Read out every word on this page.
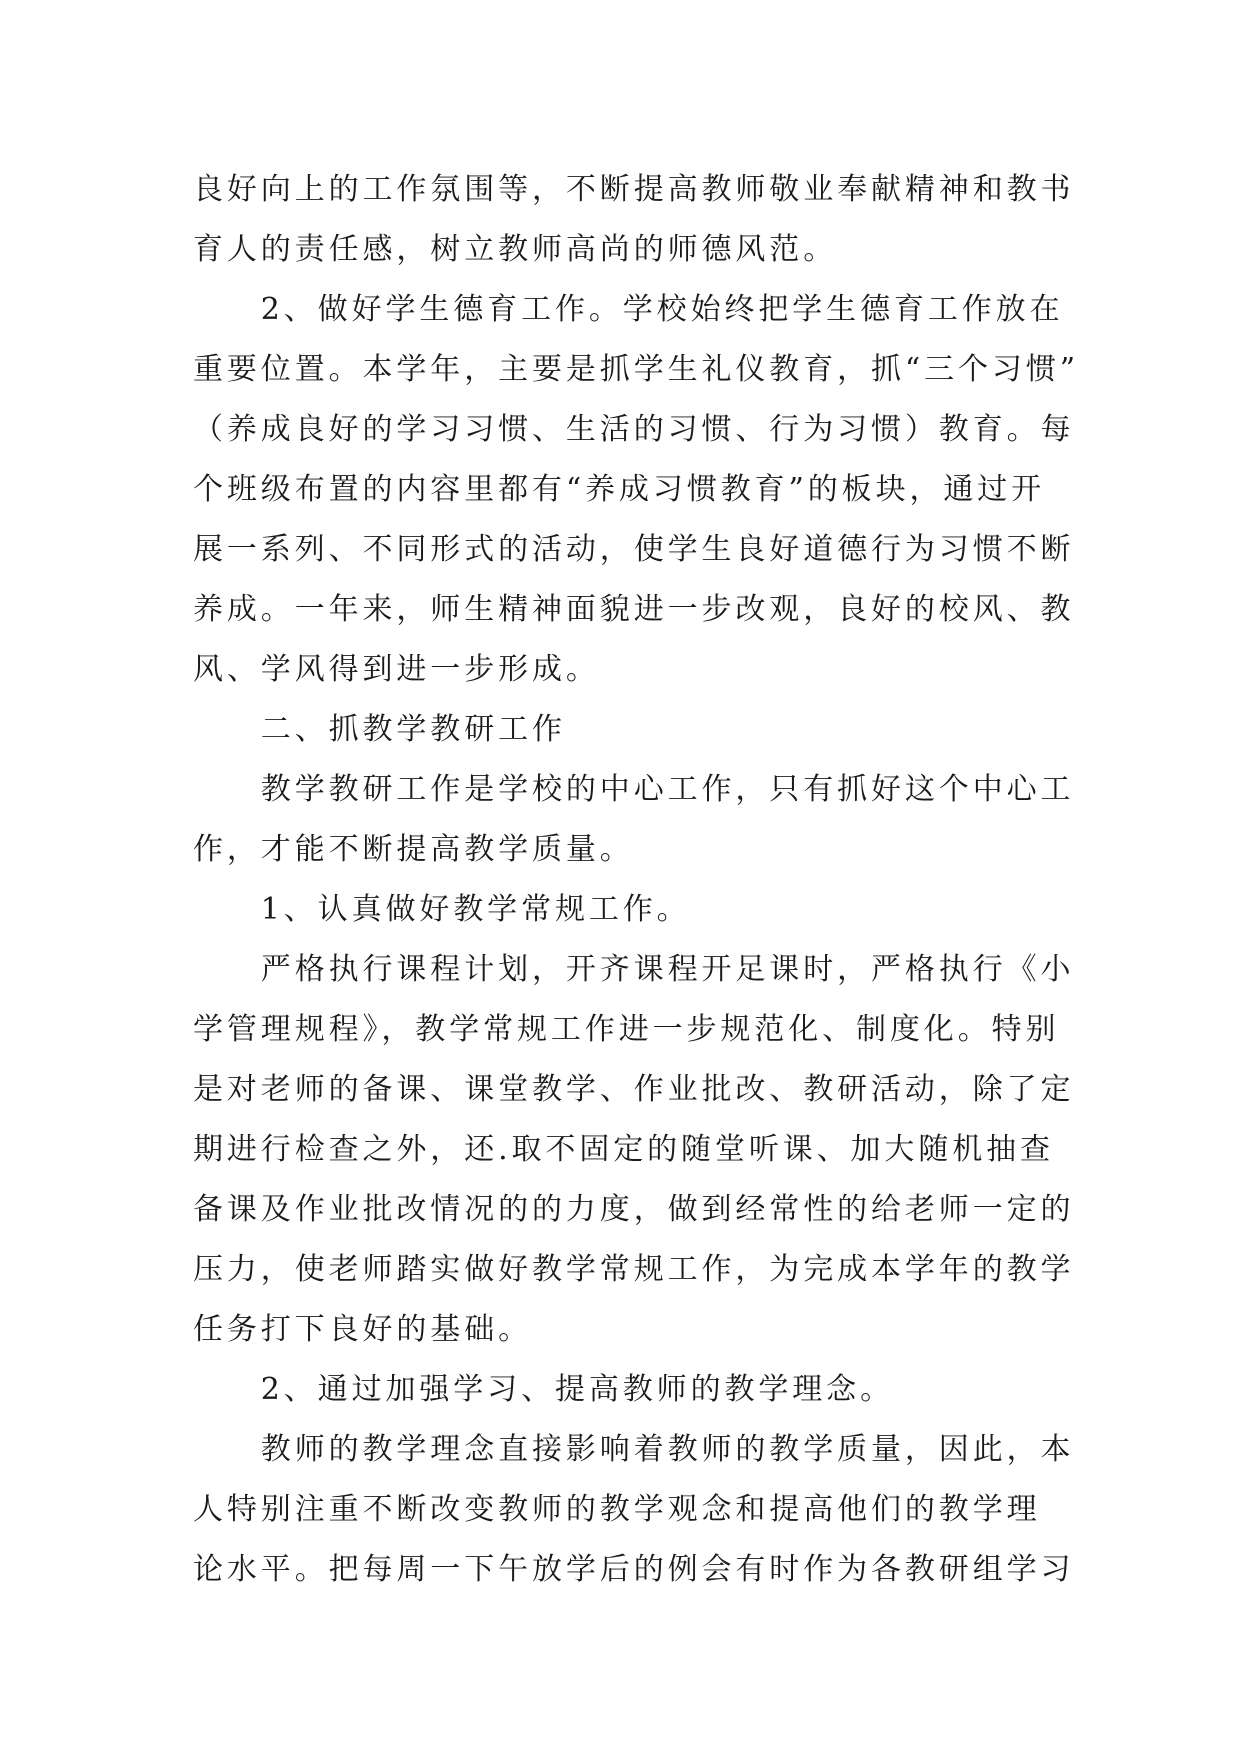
良好向上的工作氛围等，不断提高教师敬业奉献精神和教书
育人的责任感，树立教师高尚的师德风范。
　　2、做好学生德育工作。学校始终把学生德育工作放在
重要位置。本学年，主要是抓学生礼仪教育，抓“三个习惯”
（养成良好的学习习惯、生活的习惯、行为习惯）教育。每
个班级布置的内容里都有“养成习惯教育”的板块，通过开
展一系列、不同形式的活动，使学生良好道德行为习惯不断
养成。一年来，师生精神面貌进一步改观，良好的校风、教
风、学风得到进一步形成。
　　二、抓教学教研工作
　　教学教研工作是学校的中心工作，只有抓好这个中心工
作，才能不断提高教学质量。
　　1、认真做好教学常规工作。
　　严格执行课程计划，开齐课程开足课时，严格执行《小
学管理规程》，教学常规工作进一步规范化、制度化。特别
是对老师的备课、课堂教学、作业批改、教研活动，除了定
期进行检查之外，还.取不固定的随堂听课、加大随机抽查
备课及作业批改情况的的力度，做到经常性的给老师一定的
压力，使老师踏实做好教学常规工作，为完成本学年的教学
任务打下良好的基础。
　　2、通过加强学习、提高教师的教学理念。
　　教师的教学理念直接影响着教师的教学质量，因此，本
人特别注重不断改变教师的教学观念和提高他们的教学理
论水平。把每周一下午放学后的例会有时作为各教研组学习
